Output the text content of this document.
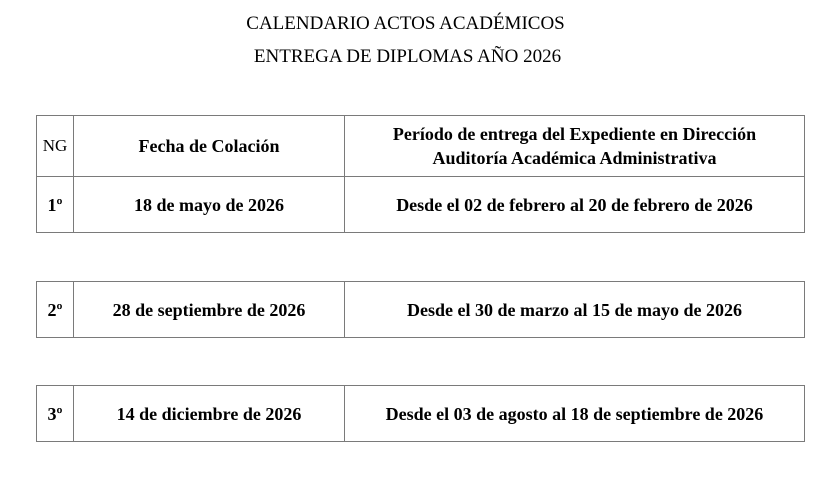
CALENDARIO ACTOS ACADÉMICOS
ENTREGA DE DIPLOMAS AÑO 2026
NG	Fecha de Colación	Período de entrega del Expediente en Dirección
Auditoría Académica Administrativa

1º	18 de mayo de 2026	Desde el 02 de febrero al 20 de febrero de 2026
2º	28 de septiembre de 2026	Desde el 30 de marzo al 15 de mayo de 2026
3º	14 de diciembre de 2026	Desde el 03 de agosto al 18 de septiembre de 2026
